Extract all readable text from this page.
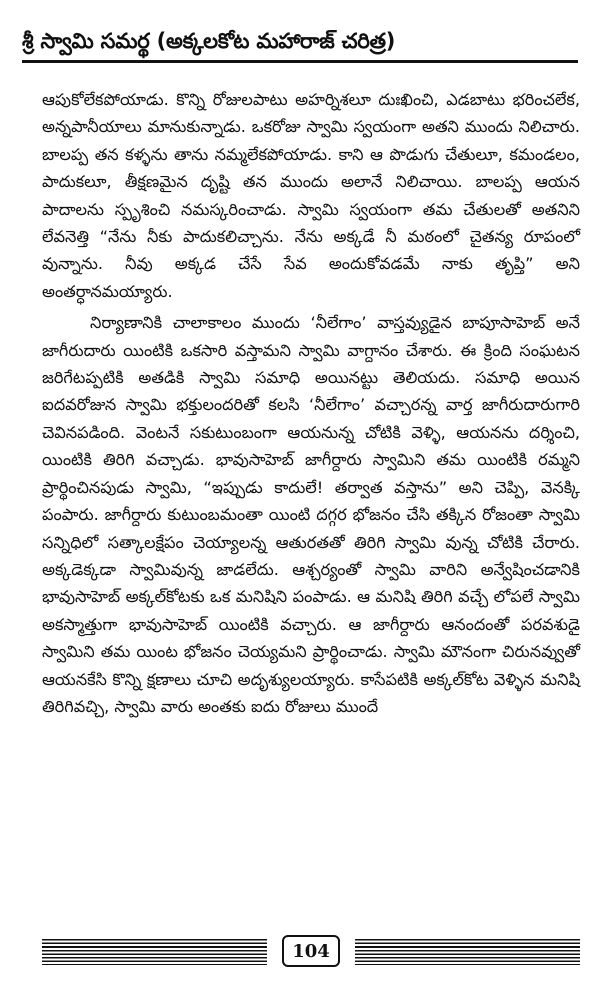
శ్రీ స్వామి సమర్థ (అక్కలకోట మహారాజ్ చరిత్ర)

ఆపుకోలేకపోయాడు. కొన్ని రోజులపాటు అహర్నిశలూ దుఃఖించి, ఎడబాటు భరించలేక, అన్నపానీయాలు మానుకున్నాడు. ఒకరోజు స్వామి స్వయంగా అతని ముందు నిలిచారు. బాలప్ప తన కళ్ళను తాను నమ్మలేకపోయాడు. కాని ఆ పొడుగు చేతులూ, కమండలం, పాదుకలూ, తీక్షణమైన దృష్టి తన ముందు అలానే నిలిచాయి. బాలప్ప ఆయన పాదాలను స్పృశించి నమస్కరించాడు. స్వామి స్వయంగా తమ చేతులతో అతనిని లేవనెత్తి “నేను నీకు పాదుకలిచ్చాను. నేను అక్కడే నీ మఠంలో చైతన్య రూపంలో వున్నాను. నీవు అక్కడ చేసే సేవ అందుకోవడమే నాకు తృప్తి” అని అంతర్ధానమయ్యారు.

నిర్యాణానికి చాలాకాలం ముందు ‘నీలేగాం’ వాస్తవ్యుడైన బాపూసాహెబ్ అనే జాగీరుదారు యింటికి ఒకసారి వస్తామని స్వామి వాగ్దానం చేశారు. ఈ క్రింది సంఘటన జరిగేటప్పటికి అతడికి స్వామి సమాధి అయినట్టు తెలియదు. సమాధి అయిన ఐదవరోజున స్వామి భక్తులందరితో కలసి ‘నీలేగాం’ వచ్చారన్న వార్త జాగీరుదారుగారి చెవినపడింది. వెంటనే సకుటుంబంగా ఆయనున్న చోటికి వెళ్ళి, ఆయనను దర్శించి, యింటికి తిరిగి వచ్చాడు. భావుసాహెబ్ జాగీర్దారు స్వామిని తమ యింటికి రమ్మని ప్రార్థించినపుడు స్వామి, “ఇప్పుడు కాదులే! తర్వాత వస్తాను” అని చెప్పి, వెనక్కి పంపారు. జాగీర్దారు కుటుంబమంతా యింటి దగ్గర భోజనం చేసి తక్కిన రోజంతా స్వామి సన్నిధిలో సత్కాలక్షేపం చెయ్యాలన్న ఆతురతతో తిరిగి స్వామి వున్న చోటికి చేరారు. అక్కడెక్కడా స్వామివున్న జాడలేదు. ఆశ్చర్యంతో స్వామి వారిని అన్వేషించడానికి భావుసాహెబ్ అక్కల్‌కోటకు ఒక మనిషిని పంపాడు. ఆ మనిషి తిరిగి వచ్చే లోపలే స్వామి అకస్మాత్తుగా భావుసాహెబ్ యింటికి వచ్చారు. ఆ జాగీర్దారు ఆనందంతో పరవశుడై స్వామిని తమ యింట భోజనం చెయ్యమని ప్రార్థించాడు. స్వామి మౌనంగా చిరునవ్వుతో ఆయనకేసి కొన్ని క్షణాలు చూచి అదృశ్యులయ్యారు. కాసేపటికి అక్కల్‌కోట వెళ్ళిన మనిషి తిరిగివచ్చి, స్వామి వారు అంతకు ఐదు రోజులు ముందే

104
